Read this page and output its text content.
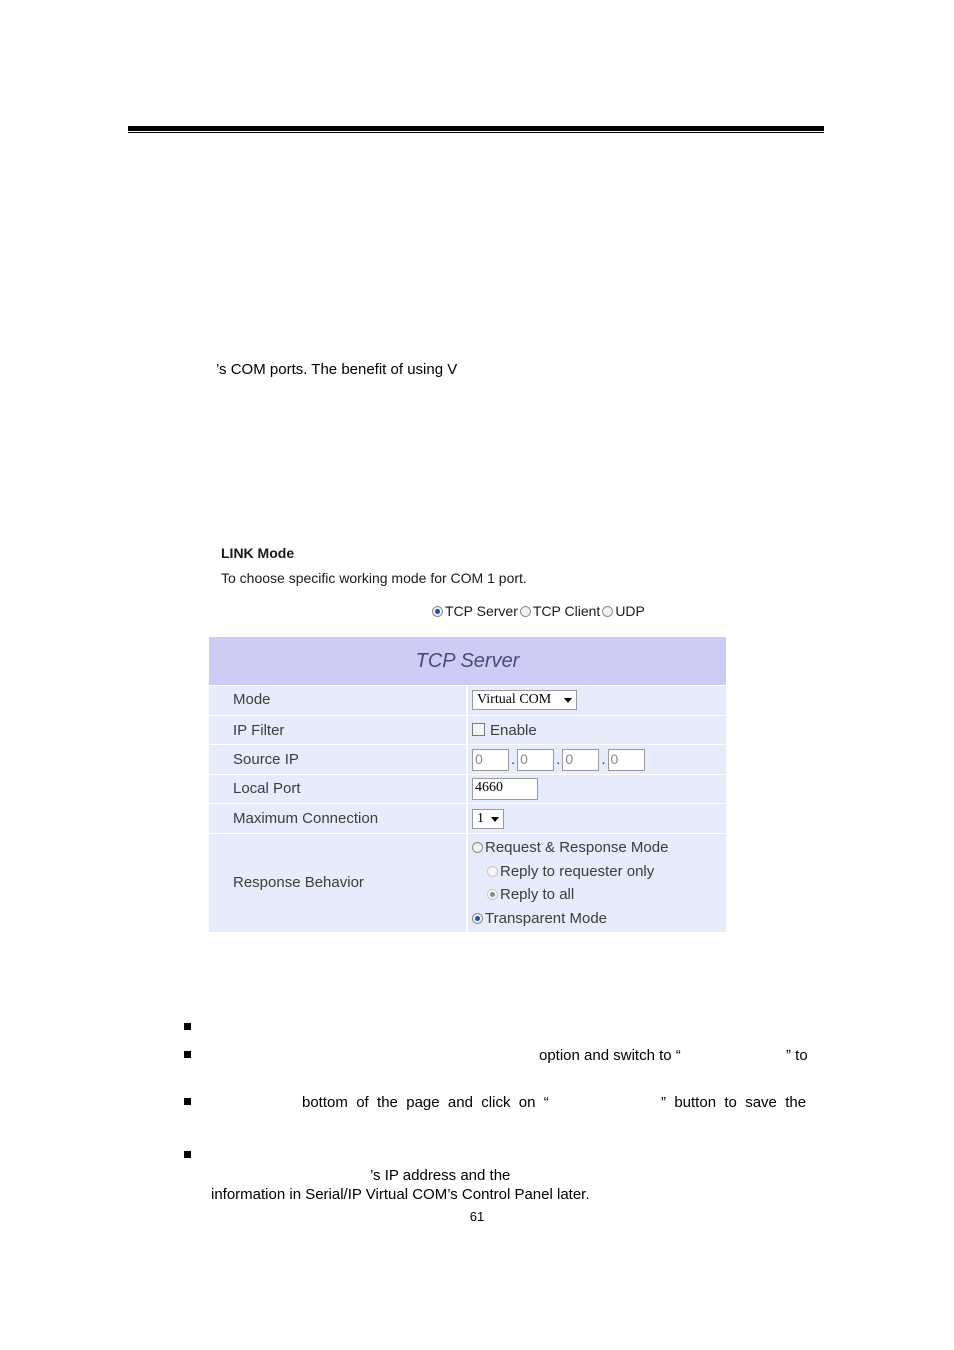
’s COM ports. The benefit of using V
LINK Mode
To choose specific working mode for COM 1 port.
TCP Server TCP Client UDP
TCP Server
Mode	Virtual COM
IP Filter	Enable
Source IP	0 . 0 . 0 . 0
Local Port	4660
Maximum Connection	1
Response Behavior
Request & Response Mode
Reply to requester only
Reply to all
Transparent Mode
option and switch to “	” to
bottom  of  the  page  and  click  on  “	”  button  to  save  the
’s IP address and the
information in Serial/IP Virtual COM’s Control Panel later.
61
